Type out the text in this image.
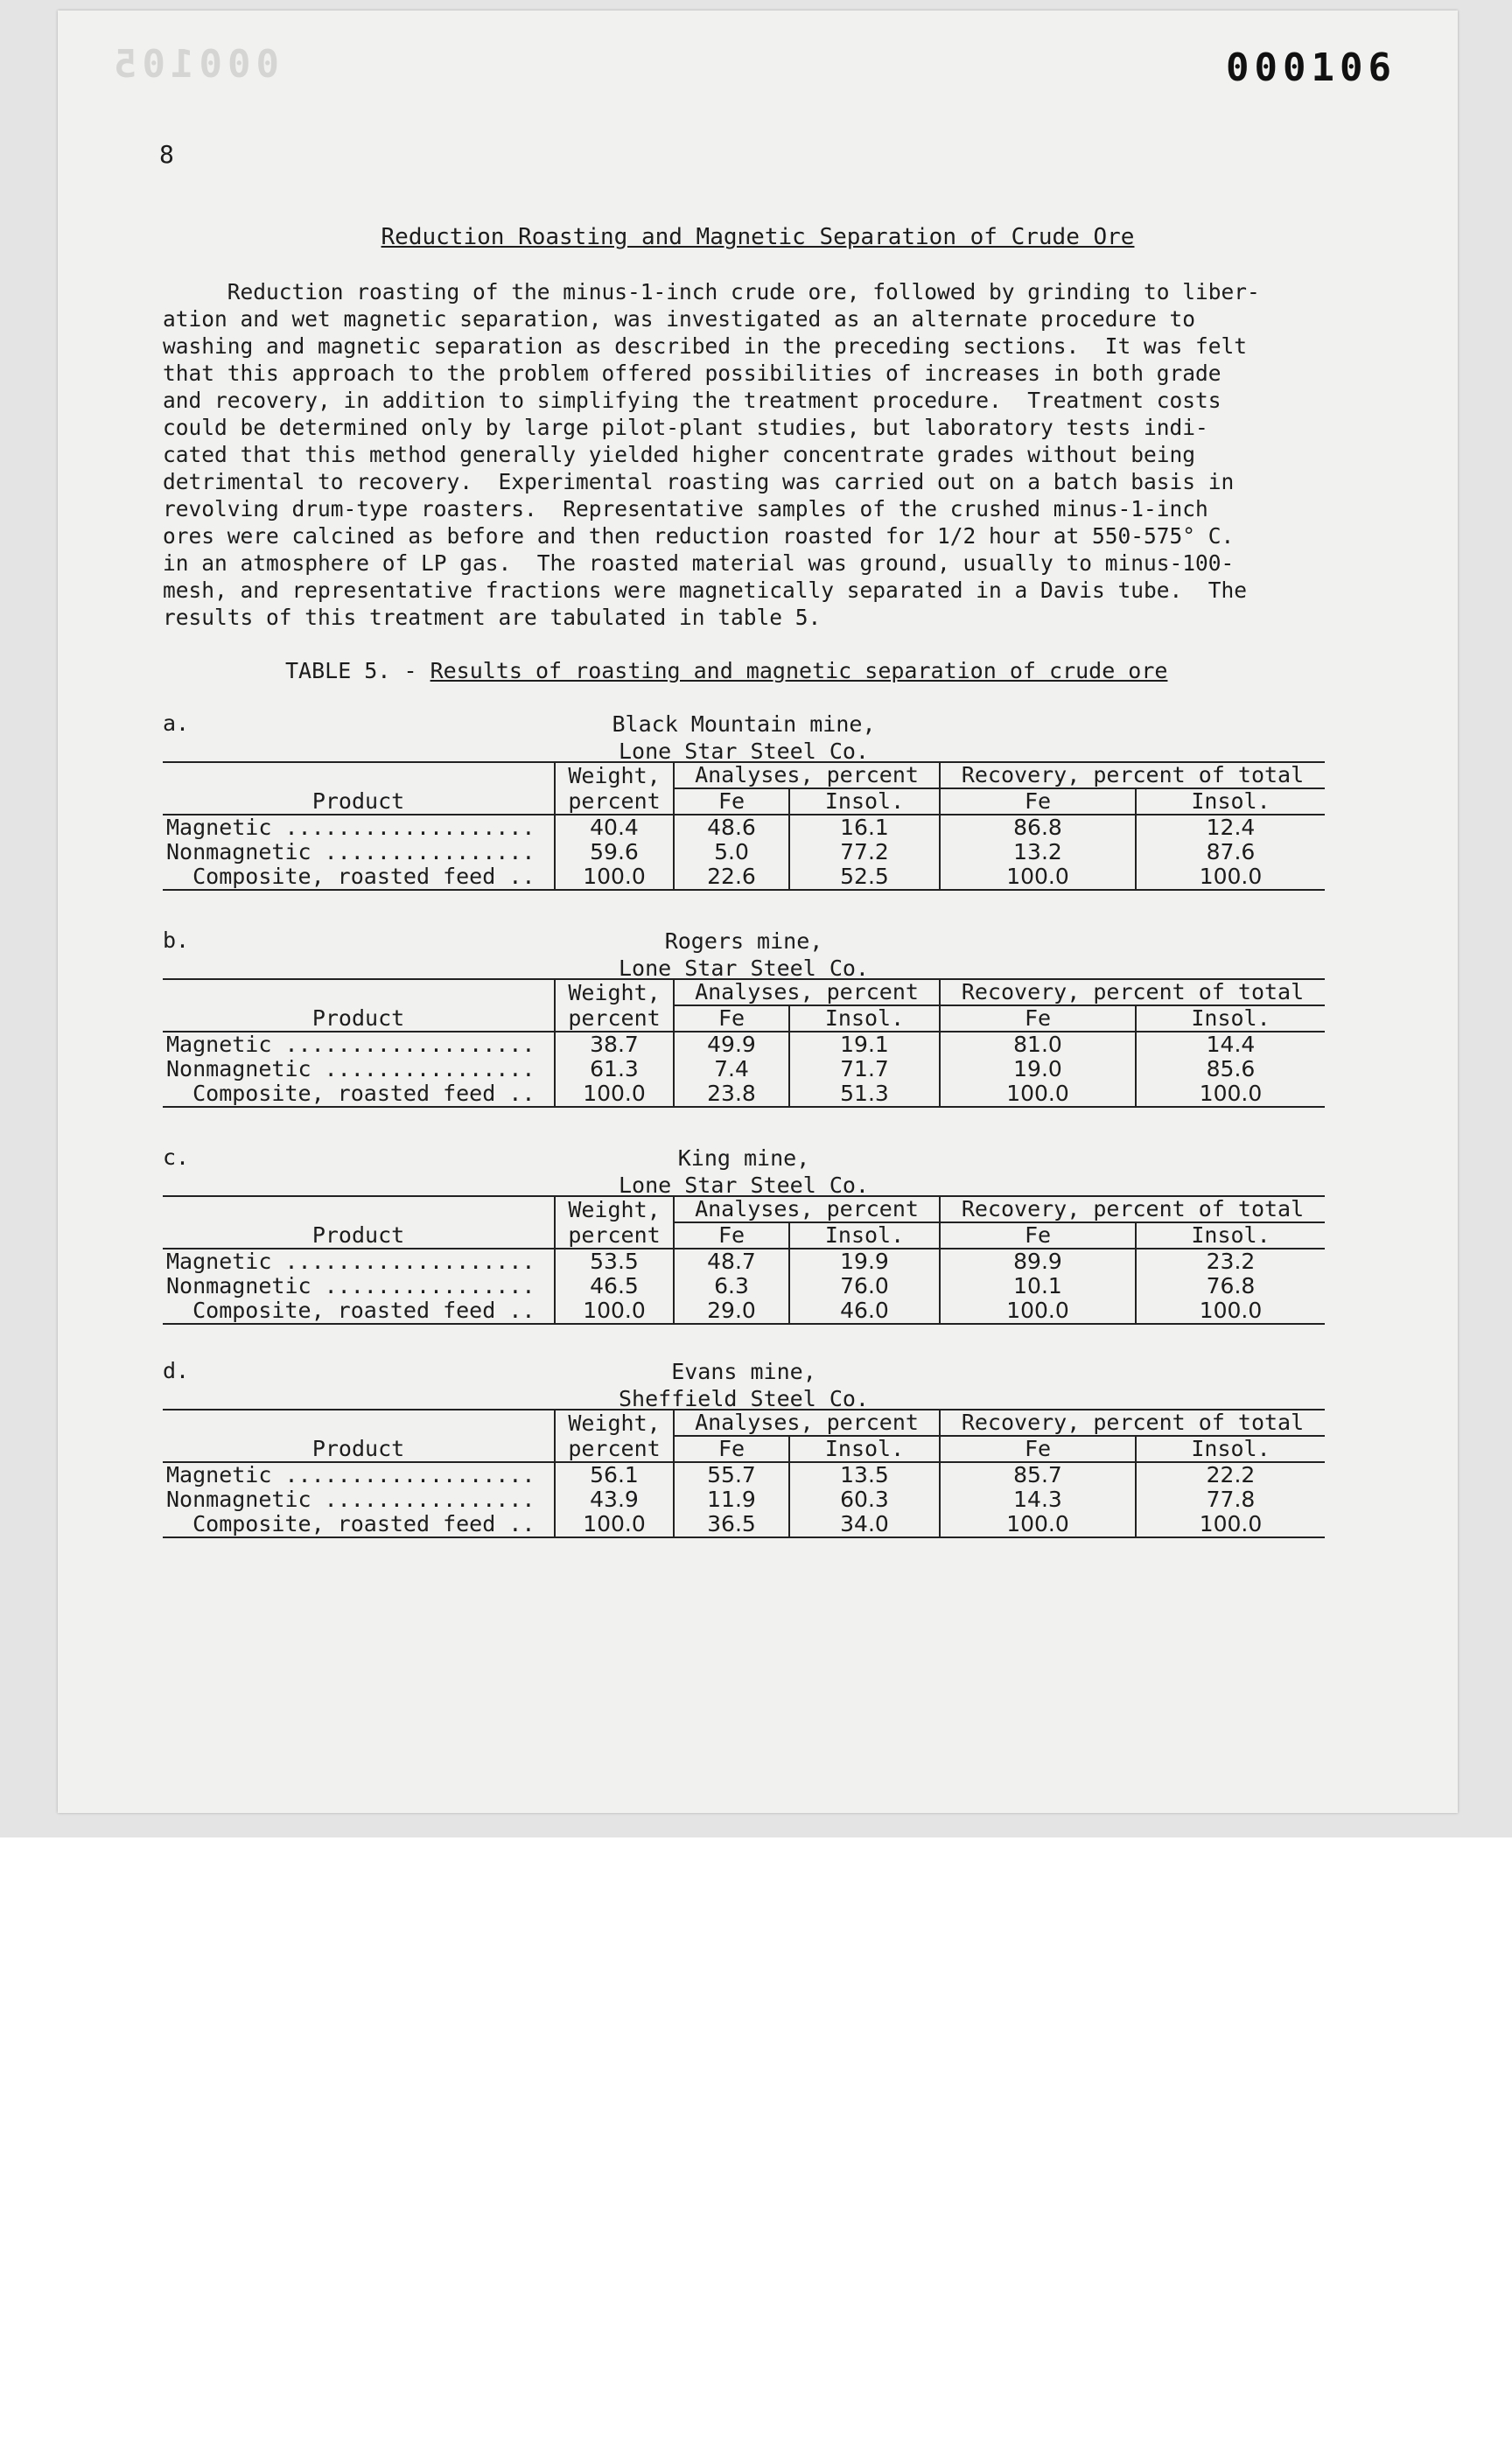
000105	000106
8
Reduction Roasting and Magnetic Separation of Crude Ore

Reduction roasting of the minus-1-inch crude ore, followed by grinding to liber-

ation and wet magnetic separation, was investigated as an alternate procedure to

washing and magnetic separation as described in the preceding sections.  It was felt

that this approach to the problem offered possibilities of increases in both grade

and recovery, in addition to simplifying the treatment procedure.  Treatment costs

could be determined only by large pilot-plant studies, but laboratory tests indi-

cated that this method generally yielded higher concentrate grades without being

detrimental to recovery.  Experimental roasting was carried out on a batch basis in

revolving drum-type roasters.  Representative samples of the crushed minus-1-inch

ores were calcined as before and then reduction roasted for 1/2 hour at 550-575° C.

in an atmosphere of LP gas.  The roasted material was ground, usually to minus-100-

mesh, and representative fractions were magnetically separated in a Davis tube.  The

results of this treatment are tabulated in table 5.

TABLE 5. - Results of roasting and magnetic separation of crude ore
a.	Black Mountain mine,
Lone Star Steel Co.
	Weight,	Analyses, percent		Recovery, percent of total	
Product	percent	Fe	Insol.	Fe	Insol.
Magnetic ...................	40.4	48.6	16.1	86.8	12.4
Nonmagnetic ................	59.6	5.0	77.2	13.2	87.6
Composite, roasted feed ..	100.0	22.6	52.5	100.0	100.0
b.	Rogers mine,
Lone Star Steel Co.
	Weight,	Analyses, percent		Recovery, percent of total	
Product	percent	Fe	Insol.	Fe	Insol.
Magnetic ...................	38.7	49.9	19.1	81.0	14.4
Nonmagnetic ................	61.3	7.4	71.7	19.0	85.6
Composite, roasted feed ..	100.0	23.8	51.3	100.0	100.0
c.	King mine,
Lone Star Steel Co.
	Weight,	Analyses, percent		Recovery, percent of total	
Product	percent	Fe	Insol.	Fe	Insol.
Magnetic ...................	53.5	48.7	19.9	89.9	23.2
Nonmagnetic ................	46.5	6.3	76.0	10.1	76.8
Composite, roasted feed ..	100.0	29.0	46.0	100.0	100.0
d.	Evans mine,
Sheffield Steel Co.
	Weight,	Analyses, percent		Recovery, percent of total	
Product	percent	Fe	Insol.	Fe	Insol.
Magnetic ...................	56.1	55.7	13.5	85.7	22.2
Nonmagnetic ................	43.9	11.9	60.3	14.3	77.8
Composite, roasted feed ..	100.0	36.5	34.0	100.0	100.0
